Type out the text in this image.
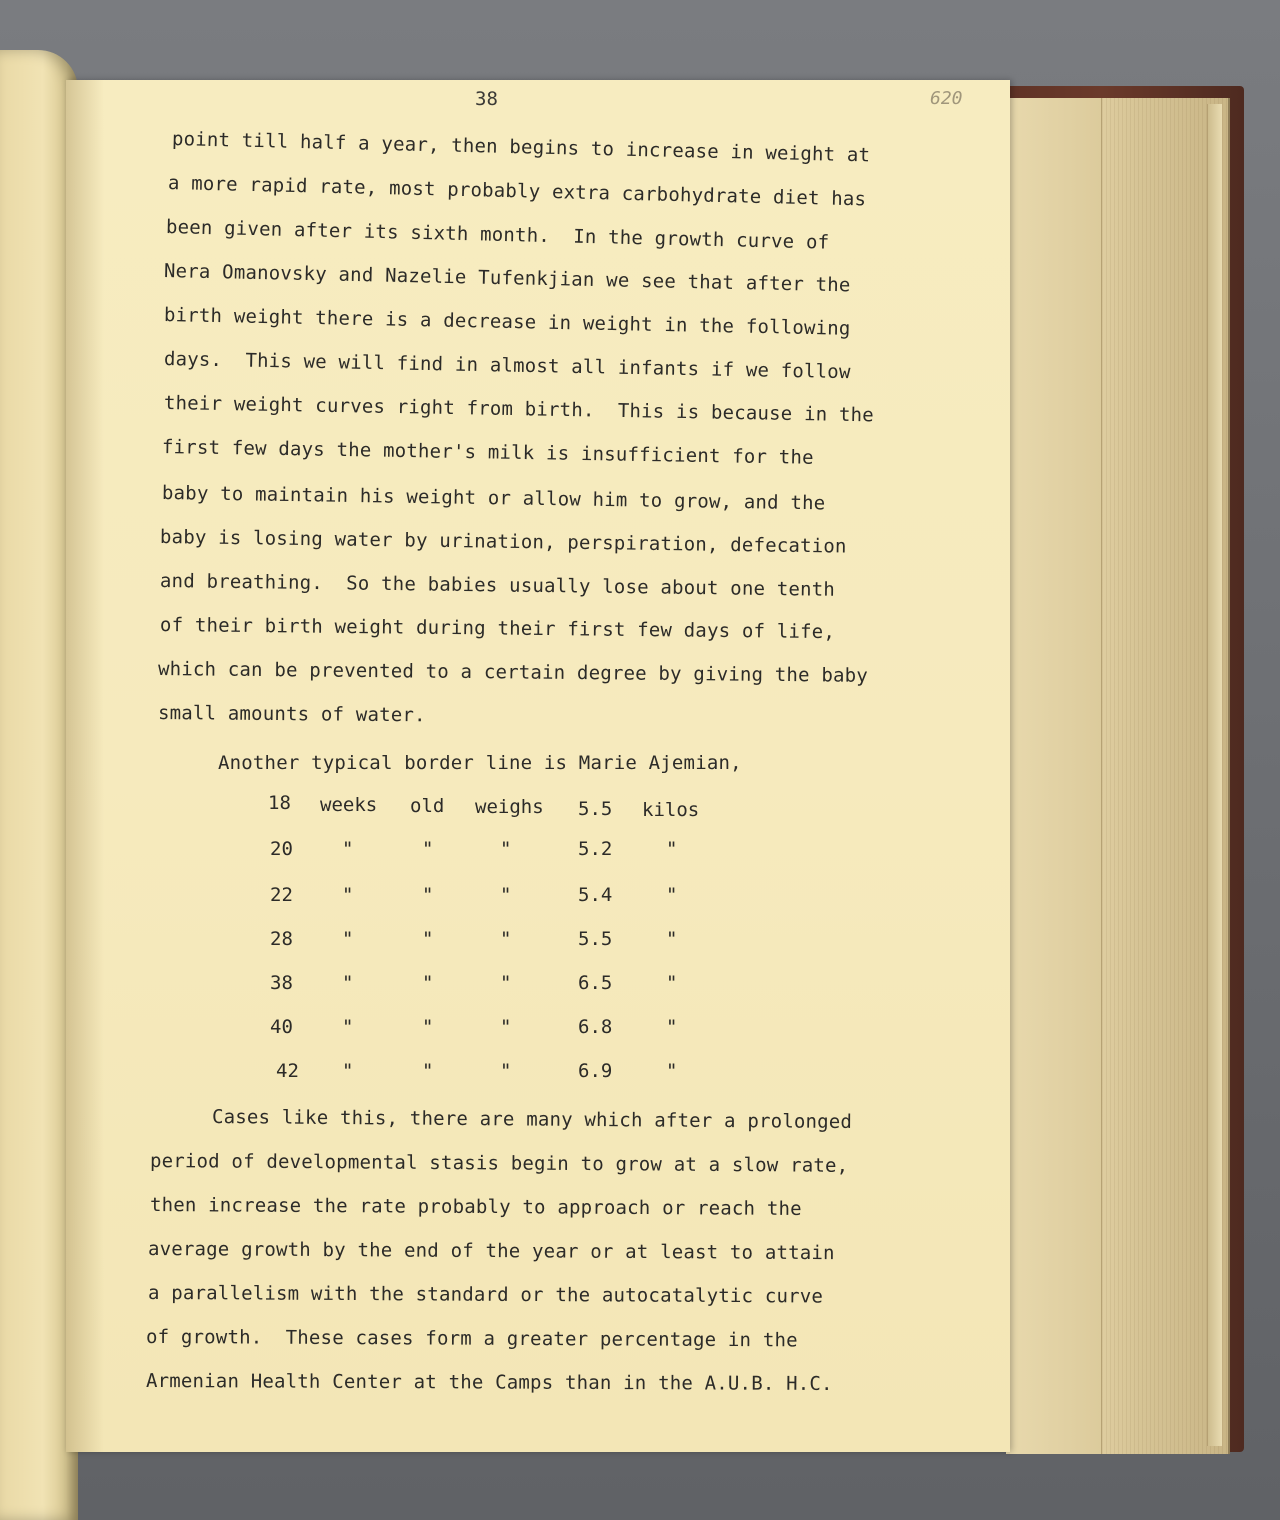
38	620
point till half a year, then begins to increase in weight at
a more rapid rate, most probably extra carbohydrate diet has
been given after its sixth month.  In the growth curve of
Nera Omanovsky and Nazelie Tufenkjian we see that after the
birth weight there is a decrease in weight in the following
days.  This we will find in almost all infants if we follow
their weight curves right from birth.  This is because in the
first few days the mother's milk is insufficient for the
baby to maintain his weight or allow him to grow, and the
baby is losing water by urination, perspiration, defecation
and breathing.  So the babies usually lose about one tenth
of their birth weight during their first few days of life,
which can be prevented to a certain degree by giving the baby
small amounts of water.
Another typical border line is Marie Ajemian,
18 weeks old weighs 5.5 kilos
20	"	"	"	5.2	"
22	"	"	"	5.4	"
28	"	"	"	5.5	"
38	"	"	"	6.5	"
40	"	"	"	6.8	"
42 "	"	"	6.9	"
Cases like this, there are many which after a prolonged
period of developmental stasis begin to grow at a slow rate,
then increase the rate probably to approach or reach the
average growth by the end of the year or at least to attain
a parallelism with the standard or the autocatalytic curve
of growth.  These cases form a greater percentage in the
Armenian Health Center at the Camps than in the A.U.B. H.C.
